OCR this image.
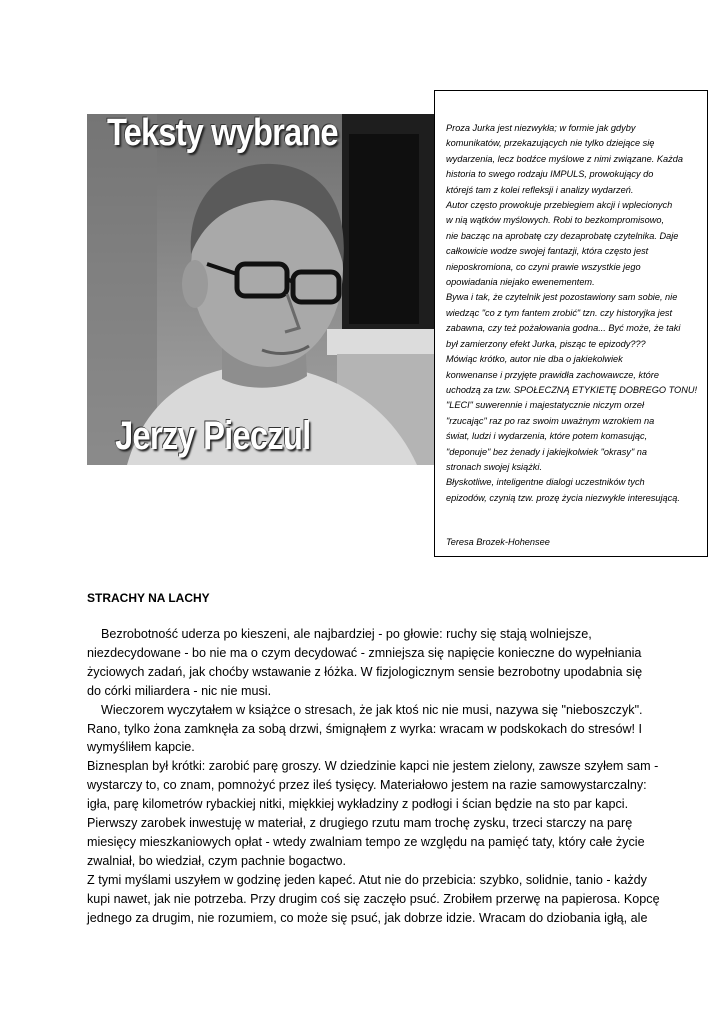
Teksty wybrane
Jerzy Pieczul
Proza Jurka jest niezwykła; w formie jak gdyby
komunikatów, przekazujących nie tylko dziejące się
wydarzenia, lecz bodźce myślowe z nimi związane. Każda
historia to swego rodzaju IMPULS, prowokujący do
którejś tam z kolei refleksji i analizy wydarzeń.
Autor często prowokuje przebiegiem akcji i wplecionych
w nią wątków myślowych. Robi to bezkompromisowo,
nie bacząc na aprobatę czy dezaprobatę czytelnika. Daje
całkowicie wodze swojej fantazji, która często jest
nieposkromiona, co czyni prawie wszystkie jego
opowiadania niejako ewenementem.
Bywa i tak, że czytelnik jest pozostawiony sam sobie, nie
wiedząc "co z tym fantem zrobić" tzn. czy historyjka jest
zabawna, czy też pożałowania godna... Być może, że taki
był zamierzony efekt Jurka, pisząc te epizody???
Mówiąc krótko, autor nie dba o jakiekolwiek
konwenanse i przyjęte prawidła zachowawcze, które
uchodzą za tzw. SPOŁECZNĄ ETYKIETĘ DOBREGO TONU!
"LECI" suwerennie i majestatycznie niczym orzeł
"rzucając" raz po raz swoim uważnym wzrokiem na
świat, ludzi i wydarzenia, które potem komasując,
"deponuje" bez żenady i jakiejkolwiek "okrasy" na
stronach swojej książki.
Błyskotliwe, inteligentne dialogi uczestników tych
epizodów, czynią tzw. prozę życia niezwykle interesującą.
Teresa Brozek-Hohensee
STRACHY NA LACHY

Bezrobotność uderza po kieszeni, ale najbardziej - po głowie: ruchy się stają wolniejsze,

niezdecydowane - bo nie ma o czym decydować - zmniejsza się napięcie konieczne do wypełniania

życiowych zadań, jak choćby wstawanie z łóżka. W fizjologicznym sensie bezrobotny upodabnia się

do córki miliardera - nic nie musi.

Wieczorem wyczytałem w książce o stresach, że jak ktoś nic nie musi, nazywa się "nieboszczyk".

Rano, tylko żona zamknęła za sobą drzwi, śmignąłem z wyrka: wracam w podskokach do stresów! I

wymyśliłem kapcie.

Biznesplan był krótki: zarobić parę groszy. W dziedzinie kapci nie jestem zielony, zawsze szyłem sam -

wystarczy to, co znam, pomnożyć przez ileś tysięcy. Materiałowo jestem na razie samowystarczalny:

igła, parę kilometrów rybackiej nitki, miękkiej wykładziny z podłogi i ścian będzie na sto par kapci.

Pierwszy zarobek inwestuję w materiał, z drugiego rzutu mam trochę zysku, trzeci starczy na parę

miesięcy mieszkaniowych opłat - wtedy zwalniam tempo ze względu na pamięć taty, który całe życie

zwalniał, bo wiedział, czym pachnie bogactwo.

Z tymi myślami uszyłem w godzinę jeden kapeć. Atut nie do przebicia: szybko, solidnie, tanio - każdy

kupi nawet, jak nie potrzeba. Przy drugim coś się zaczęło psuć. Zrobiłem przerwę na papierosa. Kopcę

jednego za drugim, nie rozumiem, co może się psuć, jak dobrze idzie. Wracam do dziobania igłą, ale
